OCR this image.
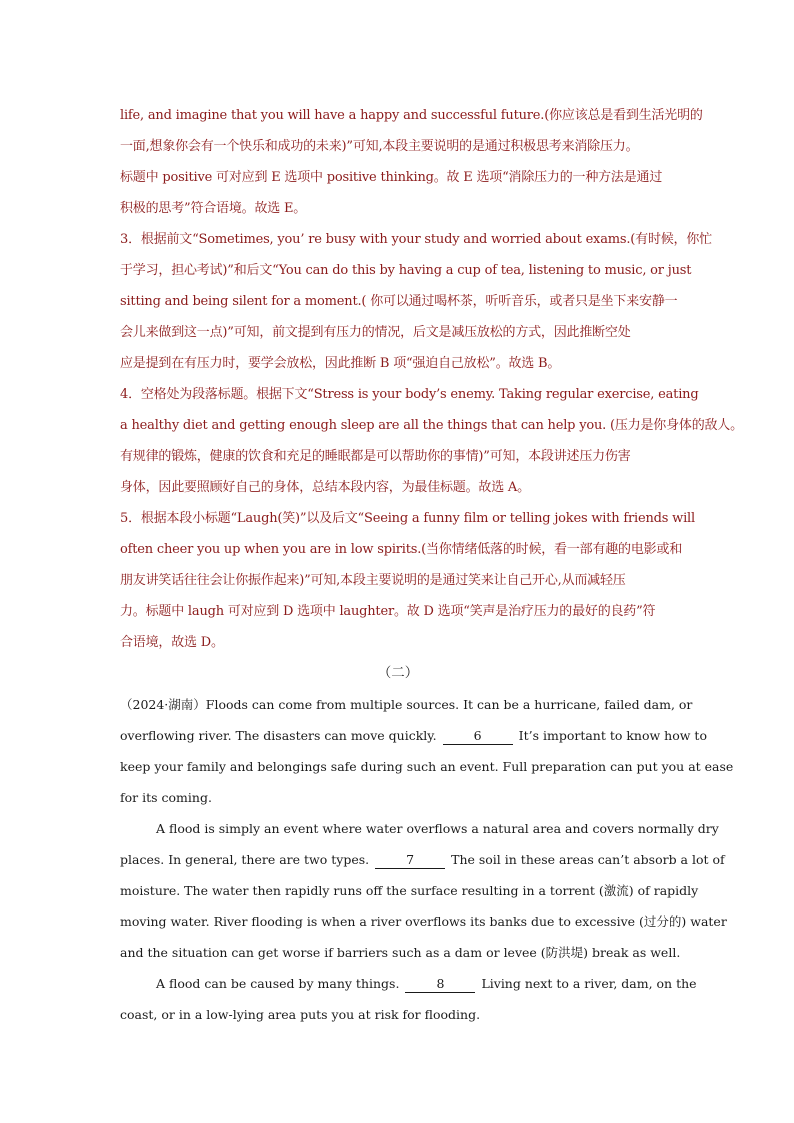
life, and imagine that you will have a happy and successful future.(你应该总是看到生活光明的
一面,想象你会有一个快乐和成功的未来)”可知,本段主要说明的是通过积极思考来消除压力。
标题中 positive 可对应到 E 选项中 positive thinking。故 E 选项“消除压力的一种方法是通过
积极的思考”符合语境。故选 E。
3．根据前文“Sometimes, you’ re busy with your study and worried about exams.(有时候，你忙
于学习，担心考试)”和后文“You can do this by having a cup of tea, listening to music, or just
sitting and being silent for a moment.( 你可以通过喝杯茶，听听音乐，或者只是坐下来安静一
会儿来做到这一点)”可知，前文提到有压力的情况，后文是减压放松的方式，因此推断空处
应是提到在有压力时，要学会放松，因此推断 B 项“强迫自己放松”。故选 B。
4．空格处为段落标题。根据下文“Stress is your body’s enemy. Taking regular exercise, eating
a healthy diet and getting enough sleep are all the things that can help you. (压力是你身体的敌人。
有规律的锻炼，健康的饮食和充足的睡眠都是可以帮助你的事情)”可知，本段讲述压力伤害
身体，因此要照顾好自己的身体，总结本段内容，为最佳标题。故选 A。
5．根据本段小标题“Laugh(笑)”以及后文“Seeing a funny film or telling jokes with friends will
often cheer you up when you are in low spirits.(当你情绪低落的时候，看一部有趣的电影或和
朋友讲笑话往往会让你振作起来)”可知,本段主要说明的是通过笑来让自己开心,从而减轻压
力。标题中 laugh 可对应到 D 选项中 laughter。故 D 选项“笑声是治疗压力的最好的良药”符
合语境，故选 D。
（二）
（2024·湖南）Floods can come from multiple sources. It can be a hurricane, failed dam, or
overflowing river. The disasters can move quickly.	6	It’s important to know how to
keep your family and belongings safe during such an event. Full preparation can put you at ease
for its coming.
A flood is simply an event where water overflows a natural area and covers normally dry
places. In general, there are two types.	7	The soil in these areas can’t absorb a lot of
moisture. The water then rapidly runs off the surface resulting in a torrent (激流) of rapidly
moving water. River flooding is when a river overflows its banks due to excessive (过分的) water
and the situation can get worse if barriers such as a dam or levee (防洪堤) break as well.
A flood can be caused by many things.	8	Living next to a river, dam, on the
coast, or in a low-lying area puts you at risk for flooding.
